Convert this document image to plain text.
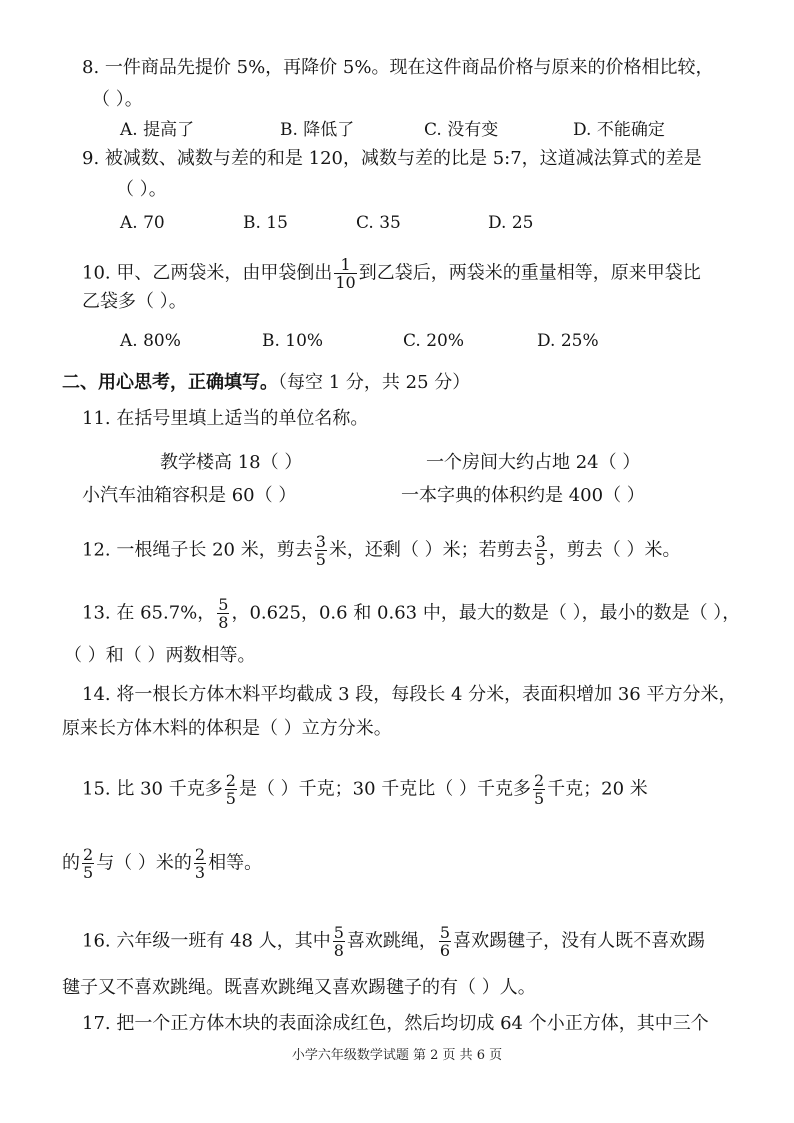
8. 一件商品先提价 5%，再降价 5%。现在这件商品价格与原来的价格相比较，
（ ）。
A. 提高了	B. 降低了	C. 没有变	D. 不能确定
9. 被减数、减数与差的和是 120，减数与差的比是 5:7，这道减法算式的差是
（ ）。
A. 70	B. 15	C. 35	D. 25
10. 甲、乙两袋米，由甲袋倒出 $\frac{1}{10}$ 到乙袋后，两袋米的重量相等，原来甲袋比
乙袋多（ ）。
A. 80%	B. 10%	C. 20%	D. 25%
二、用心思考，正确填写。（每空 1 分，共 25 分）
11. 在括号里填上适当的单位名称。
教学楼高 18（ ）	一个房间大约占地 24（ ）
小汽车油箱容积是 60（ ）	一本字典的体积约是 400（ ）
12. 一根绳子长 20 米，剪去 $\frac{3}{5}$ 米，还剩（ ）米；若剪去 $\frac{3}{5}$ ，剪去（ ）米。
13. 在 65.7%， $\frac{5}{8}$ ，0.625，0.6 和 0.63 中，最大的数是（ ），最小的数是（ ），
（ ）和（ ）两数相等。
14. 将一根长方体木料平均截成 3 段，每段长 4 分米，表面积增加 36 平方分米，
原来长方体木料的体积是（ ）立方分米。
15. 比 30 千克多 $\frac{2}{5}$ 是（ ）千克；30 千克比（ ）千克多 $\frac{2}{5}$ 千克；20 米
的 $\frac{2}{5}$ 与（ ）米的 $\frac{2}{3}$ 相等。
16. 六年级一班有 48 人，其中 $\frac{5}{8}$ 喜欢跳绳， $\frac{5}{6}$ 喜欢踢毽子，没有人既不喜欢踢
毽子又不喜欢跳绳。既喜欢跳绳又喜欢踢毽子的有（ ）人。
17. 把一个正方体木块的表面涂成红色，然后均切成 64 个小正方体，其中三个
小学六年级数学试题 第 2 页 共 6 页
